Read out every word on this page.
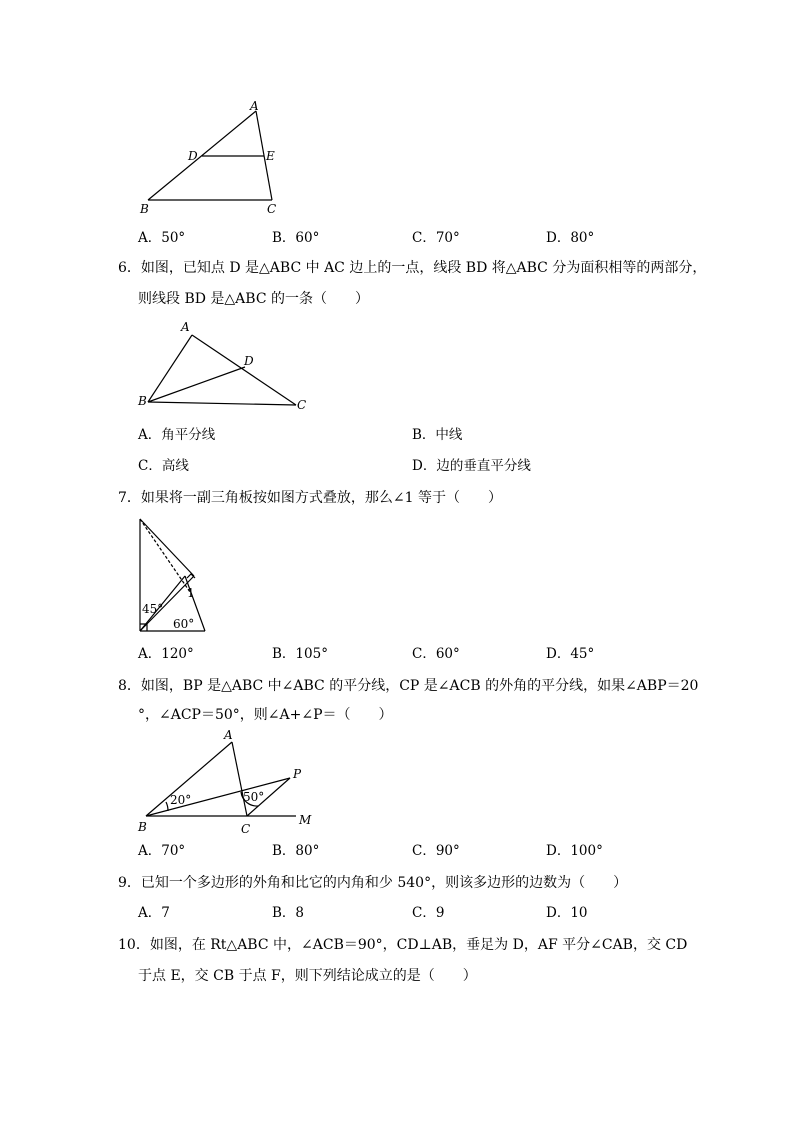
A
D	E
B	C
A．50°	B．60°	C．70°	D．80°
6．如图，已知点 D 是△ABC 中 AC 边上的一点，线段 BD 将△ABC 分为面积相等的两部分，
则线段 BD 是△ABC 的一条（　　）
A
D
B	C
A．角平分线	B．中线
C．高线	D．边的垂直平分线
7．如果将一副三角板按如图方式叠放，那么∠1 等于（　　）
1
45°
60°
A．120°	B．105°	C．60°	D．45°
8．如图，BP 是△ABC 中∠ABC 的平分线，CP 是∠ACB 的外角的平分线，如果∠ABP＝20
°，∠ACP＝50°，则∠A+∠P＝（　　）
A
P
B	C
M
20°	50°
A．70°	B．80°	C．90°	D．100°
9．已知一个多边形的外角和比它的内角和少 540°，则该多边形的边数为（　　）
A．7	B．8	C．9	D．10
10．如图，在 Rt△ABC 中，∠ACB＝90°，CD⊥AB，垂足为 D，AF 平分∠CAB，交 CD
于点 E，交 CB 于点 F，则下列结论成立的是（　　）
